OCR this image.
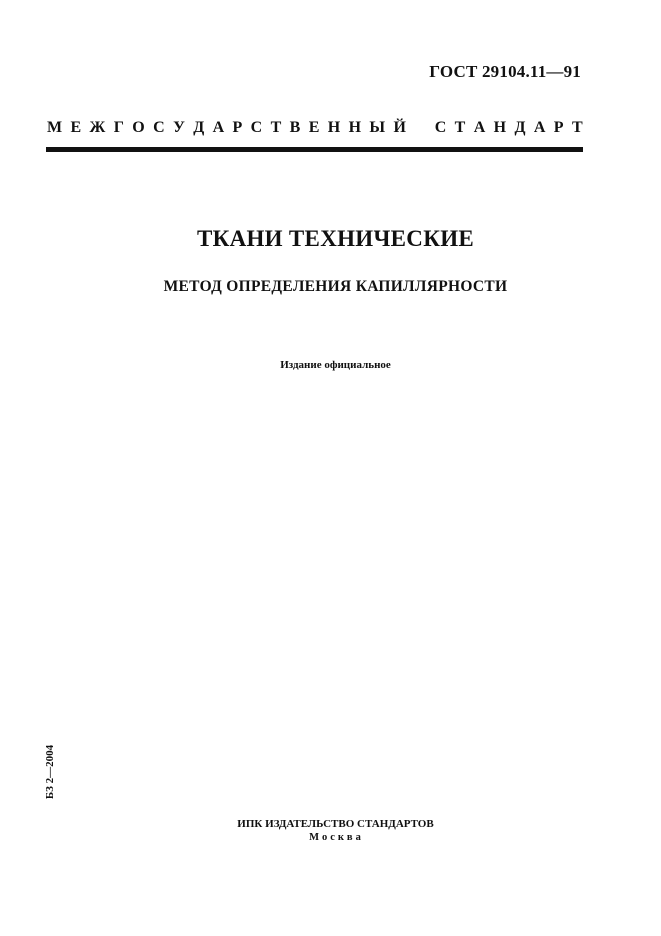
ГОСТ 29104.11—91
М Е Ж Г О С У Д А Р С Т В Е Н Н Ы Й С Т А Н Д А Р Т
ТКАНИ ТЕХНИЧЕСКИЕ
МЕТОД ОПРЕДЕЛЕНИЯ КАПИЛЛЯРНОСТИ
Издание официальное
БЗ 2—2004
ИПК ИЗДАТЕЛЬСТВО СТАНДАРТОВ
Москва
